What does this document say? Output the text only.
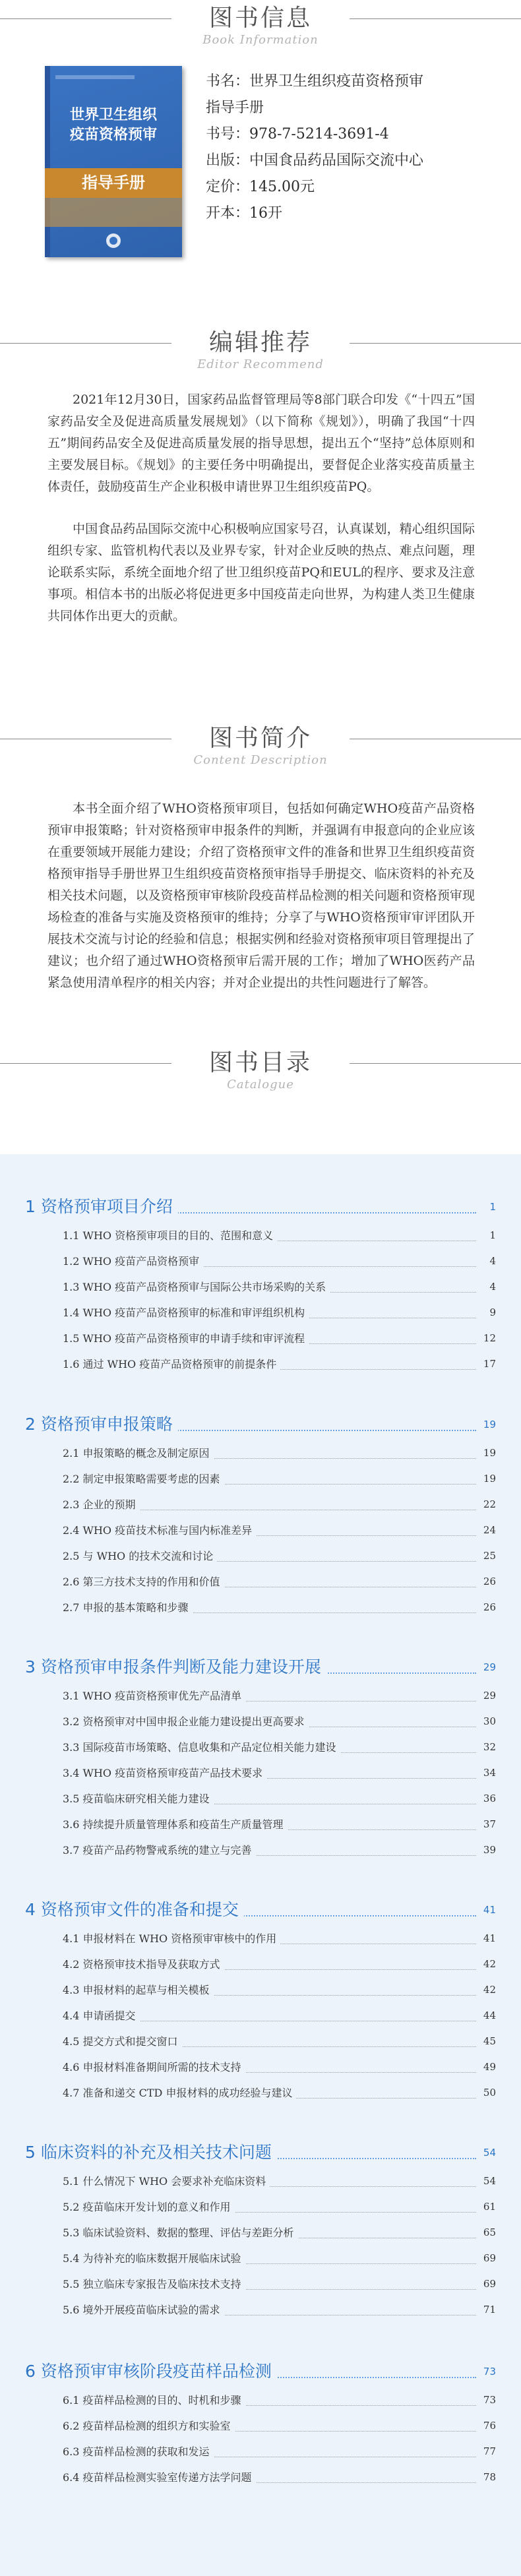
图书信息
Book Information
世界卫生组织
疫苗资格预审
指导手册
书名：世界卫生组织疫苗资格预审
指导手册
书号：978-7-5214-3691-4
出版：中国食品药品国际交流中心
定价：145.00元
开本：16开
编辑推荐
Editor Recommend
2021年12月30日，国家药品监督管理局等8部门联合印发《“十四五”国家药品安全及促进高质量发展规划》（以下简称《规划》），明确了我国“十四五”期间药品安全及促进高质量发展的指导思想，提出五个“坚持”总体原则和主要发展目标。《规划》的主要任务中明确提出，要督促企业落实疫苗质量主体责任，鼓励疫苗生产企业积极申请世界卫生组织疫苗PQ。
中国食品药品国际交流中心积极响应国家号召，认真谋划，精心组织国际组织专家、监管机构代表以及业界专家，针对企业反映的热点、难点问题，理论联系实际，系统全面地介绍了世卫组织疫苗PQ和EUL的程序、要求及注意事项。相信本书的出版必将促进更多中国疫苗走向世界，为构建人类卫生健康共同体作出更大的贡献。
图书简介
Content Description
本书全面介绍了WHO资格预审项目，包括如何确定WHO疫苗产品资格预审申报策略；针对资格预审申报条件的判断，并强调有申报意向的企业应该在重要领域开展能力建设；介绍了资格预审文件的准备和世界卫生组织疫苗资格预审指导手册世界卫生组织疫苗资格预审指导手册提交、临床资料的补充及相关技术问题，以及资格预审审核阶段疫苗样品检测的相关问题和资格预审现场检查的准备与实施及资格预审的维持；分享了与WHO资格预审审评团队开展技术交流与讨论的经验和信息；根据实例和经验对资格预审项目管理提出了建议；也介绍了通过WHO资格预审后需开展的工作；增加了WHO医药产品紧急使用清单程序的相关内容；并对企业提出的共性问题进行了解答。
图书目录
Catalogue
1 资格预审项目介绍	1
1.1 WHO 资格预审项目的目的、范围和意义	1
1.2 WHO 疫苗产品资格预审	4
1.3 WHO 疫苗产品资格预审与国际公共市场采购的关系	4
1.4 WHO 疫苗产品资格预审的标准和审评组织机构	9
1.5 WHO 疫苗产品资格预审的申请手续和审评流程	12
1.6 通过 WHO 疫苗产品资格预审的前提条件	17
2 资格预审申报策略	19
2.1 申报策略的概念及制定原因	19
2.2 制定申报策略需要考虑的因素	19
2.3 企业的预期	22
2.4 WHO 疫苗技术标准与国内标准差异	24
2.5 与 WHO 的技术交流和讨论	25
2.6 第三方技术支持的作用和价值	26
2.7 申报的基本策略和步骤	26
3 资格预审申报条件判断及能力建设开展	29
3.1 WHO 疫苗资格预审优先产品清单	29
3.2 资格预审对中国申报企业能力建设提出更高要求	30
3.3 国际疫苗市场策略、信息收集和产品定位相关能力建设	32
3.4 WHO 疫苗资格预审疫苗产品技术要求	34
3.5 疫苗临床研究相关能力建设	36
3.6 持续提升质量管理体系和疫苗生产质量管理	37
3.7 疫苗产品药物警戒系统的建立与完善	39
4 资格预审文件的准备和提交	41
4.1 申报材料在 WHO 资格预审审核中的作用	41
4.2 资格预审技术指导及获取方式	42
4.3 申报材料的起草与相关模板	42
4.4 申请函提交	44
4.5 提交方式和提交窗口	45
4.6 申报材料准备期间所需的技术支持	49
4.7 准备和递交 CTD 申报材料的成功经验与建议	50
5 临床资料的补充及相关技术问题	54
5.1 什么情况下 WHO 会要求补充临床资料	54
5.2 疫苗临床开发计划的意义和作用	61
5.3 临床试验资料、数据的整理、评估与差距分析	65
5.4 为待补充的临床数据开展临床试验	69
5.5 独立临床专家报告及临床技术支持	69
5.6 境外开展疫苗临床试验的需求	71
6 资格预审审核阶段疫苗样品检测	73
6.1 疫苗样品检测的目的、时机和步骤	73
6.2 疫苗样品检测的组织方和实验室	76
6.3 疫苗样品检测的获取和发运	77
6.4 疫苗样品检测实验室传递方法学问题	78
